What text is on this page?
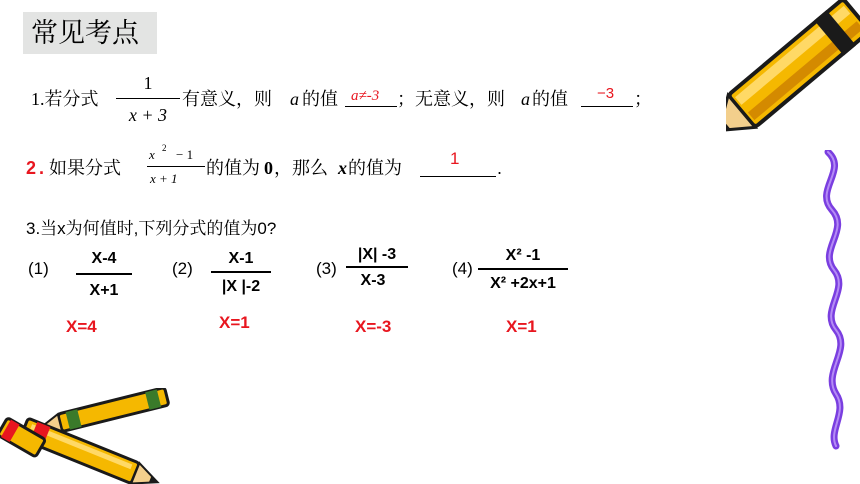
常见考点
1.若分式
1
x + 3
有意义，则 a 的值 a≠-3 ；无意义，则 a 的值 −3 ；
2 . 如果分式
x 2 − 1
x + 1
的值为 0 ，那么 x 的值为	1 .
3.当x为何值时,下列分式的值为0?
(1)
X-4
X+1
X=4
(2)
X-1
|X |-2
X=1
(3)
|X| -3
X-3
X=-3
(4)
X² -1
X² +2x+1
X=1
